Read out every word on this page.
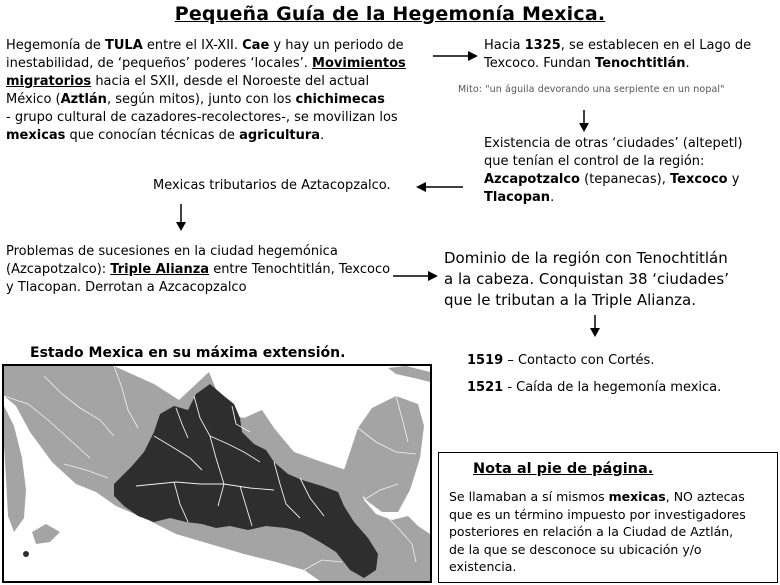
Pequeña Guía de la Hegemonía Mexica.
Hegemonía de TULA entre el IX-XII. Cae y hay un periodo de
inestabilidad, de ‘pequeños’ poderes ‘locales’. Movimientos
migratorios hacia el SXII, desde el Noroeste del actual
México (Aztlán, según mitos), junto con los chichimecas
- grupo cultural de cazadores-recolectores-, se movilizan los
mexicas que conocían técnicas de agricultura.
Hacia 1325, se establecen en el Lago de
Texcoco. Fundan Tenochtitlán.
Mito: "un águila devorando una serpiente en un nopal"
Existencia de otras ‘ciudades’ (altepetl)
que tenían el control de la región:
Azcapotzalco (tepanecas), Texcoco y
Tlacopan.
Mexicas tributarios de Aztacopzalco.
Problemas de sucesiones en la ciudad hegemónica
(Azcapotzalco): Triple Alianza entre Tenochtitlán, Texcoco
y Tlacopan. Derrotan a Azcacopzalco
Dominio de la región con Tenochtitlán
a la cabeza. Conquistan 38 ‘ciudades’
que le tributan a la Triple Alianza.
1519 – Contacto con Cortés.
1521 - Caída de la hegemonía mexica.
Estado Mexica en su máxima extensión.
Nota al pie de página.
Se llamaban a sí mismos mexicas, NO aztecas
que es un término impuesto por investigadores
posteriores en relación a la Ciudad de Aztlán,
de la que se desconoce su ubicación y/o
existencia.
